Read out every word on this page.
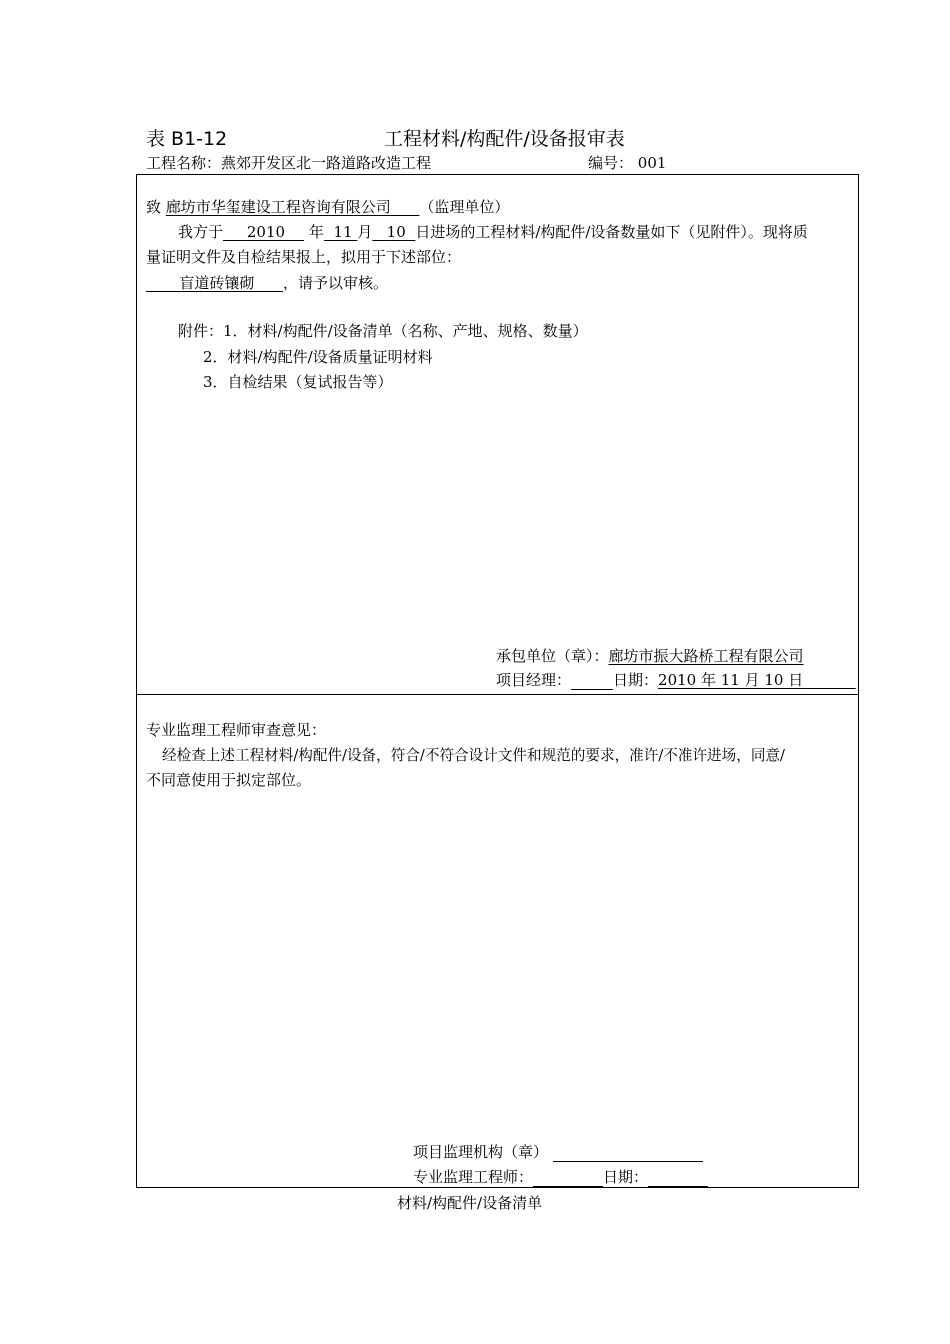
表 B1-12	工程材料/构配件/设备报审表
工程名称：燕郊开发区北一路道路改造工程	编号： 001
致 廊坊市华玺建设工程咨询有限公司 （监理单位）
我方于 2010 年 11 月 10 日进场的工程材料/构配件/设备数量如下（见附件）。现将质
量证明文件及自检结果报上，拟用于下述部位：
盲道砖镶砌 ，请予以审核。
附件：1．材料/构配件/设备清单（名称、产地、规格、数量）
2．材料/构配件/设备质量证明材料
3．自检结果（复试报告等）
承包单位（章）：廊坊市振大路桥工程有限公司
项目经理：	日期：2010 年 11 月 10 日
专业监理工程师审查意见：
经检查上述工程材料/构配件/设备，符合/不符合设计文件和规范的要求，准许/不准许进场，同意/
不同意使用于拟定部位。
项目监理机构（章）
专业监理工程师：	日期：
材料/构配件/设备清单
